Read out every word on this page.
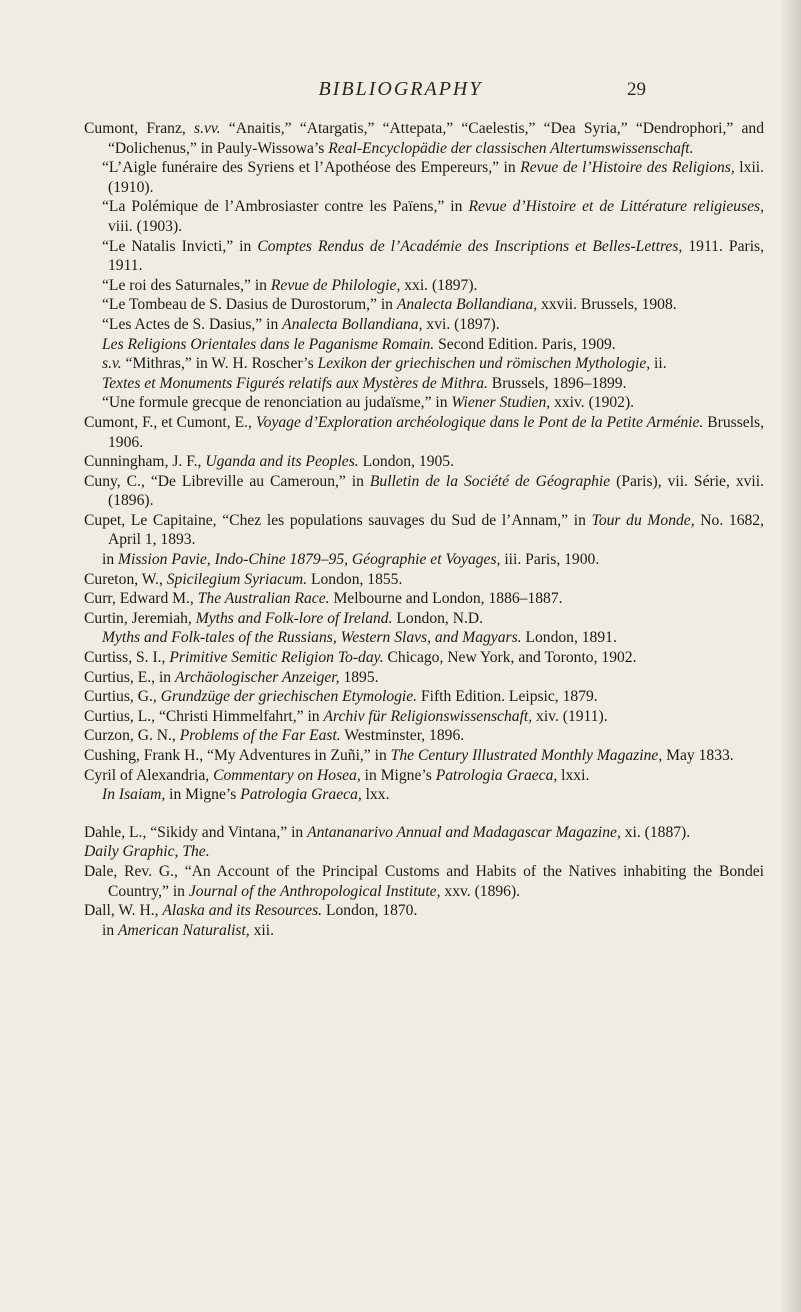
BIBLIOGRAPHY	29

Cumont, Franz, s.vv. “Anaitis,” “Atargatis,” “Attepata,” “Caelestis,” “Dea Syria,” “Dendrophori,” and “Dolichenus,” in Pauly-Wissowa’s Real-Encyclopädie der classischen Altertumswissenschaft.

“L’Aigle funéraire des Syriens et l’Apothéose des Empereurs,” in Revue de l’Histoire des Religions, lxii. (1910).

“La Polémique de l’Ambrosiaster contre les Païens,” in Revue d’Histoire et de Littérature religieuses, viii. (1903).

“Le Natalis Invicti,” in Comptes Rendus de l’Académie des Inscriptions et Belles-Lettres, 1911. Paris, 1911.

“Le roi des Saturnales,” in Revue de Philologie, xxi. (1897).

“Le Tombeau de S. Dasius de Durostorum,” in Analecta Bollandiana, xxvii. Brussels, 1908.

“Les Actes de S. Dasius,” in Analecta Bollandiana, xvi. (1897).

Les Religions Orientales dans le Paganisme Romain. Second Edition. Paris, 1909.

s.v. “Mithras,” in W. H. Roscher’s Lexikon der griechischen und römischen Mythologie, ii.

Textes et Monuments Figurés relatifs aux Mystères de Mithra. Brussels, 1896–1899.

“Une formule grecque de renonciation au judaïsme,” in Wiener Studien, xxiv. (1902).

Cumont, F., et Cumont, E., Voyage d’Exploration archéologique dans le Pont de la Petite Arménie. Brussels, 1906.

Cunningham, J. F., Uganda and its Peoples. London, 1905.

Cuny, C., “De Libreville au Cameroun,” in Bulletin de la Société de Géographie (Paris), vii. Série, xvii. (1896).

Cupet, Le Capitaine, “Chez les populations sauvages du Sud de l’Annam,” in Tour du Monde, No. 1682, April 1, 1893.

in Mission Pavie, Indo-Chine 1879–95, Géographie et Voyages, iii. Paris, 1900.

Cureton, W., Spicilegium Syriacum. London, 1855.

Curr, Edward M., The Australian Race. Melbourne and London, 1886–1887.

Curtin, Jeremiah, Myths and Folk-lore of Ireland. London, N.D.

Myths and Folk-tales of the Russians, Western Slavs, and Magyars. London, 1891.

Curtiss, S. I., Primitive Semitic Religion To-day. Chicago, New York, and Toronto, 1902.

Curtius, E., in Archäologischer Anzeiger, 1895.

Curtius, G., Grundzüge der griechischen Etymologie. Fifth Edition. Leipsic, 1879.

Curtius, L., “Christi Himmelfahrt,” in Archiv für Religionswissenschaft, xiv. (1911).

Curzon, G. N., Problems of the Far East. Westminster, 1896.

Cushing, Frank H., “My Adventures in Zuñi,” in The Century Illustrated Monthly Magazine, May 1833.

Cyril of Alexandria, Commentary on Hosea, in Migne’s Patrologia Graeca, lxxi.

In Isaiam, in Migne’s Patrologia Graeca, lxx.

Dahle, L., “Sikidy and Vintana,” in Antananarivo Annual and Madagascar Magazine, xi. (1887).

Daily Graphic, The.

Dale, Rev. G., “An Account of the Principal Customs and Habits of the Natives inhabiting the Bondei Country,” in Journal of the Anthropological Institute, xxv. (1896).

Dall, W. H., Alaska and its Resources. London, 1870.

in American Naturalist, xii.
